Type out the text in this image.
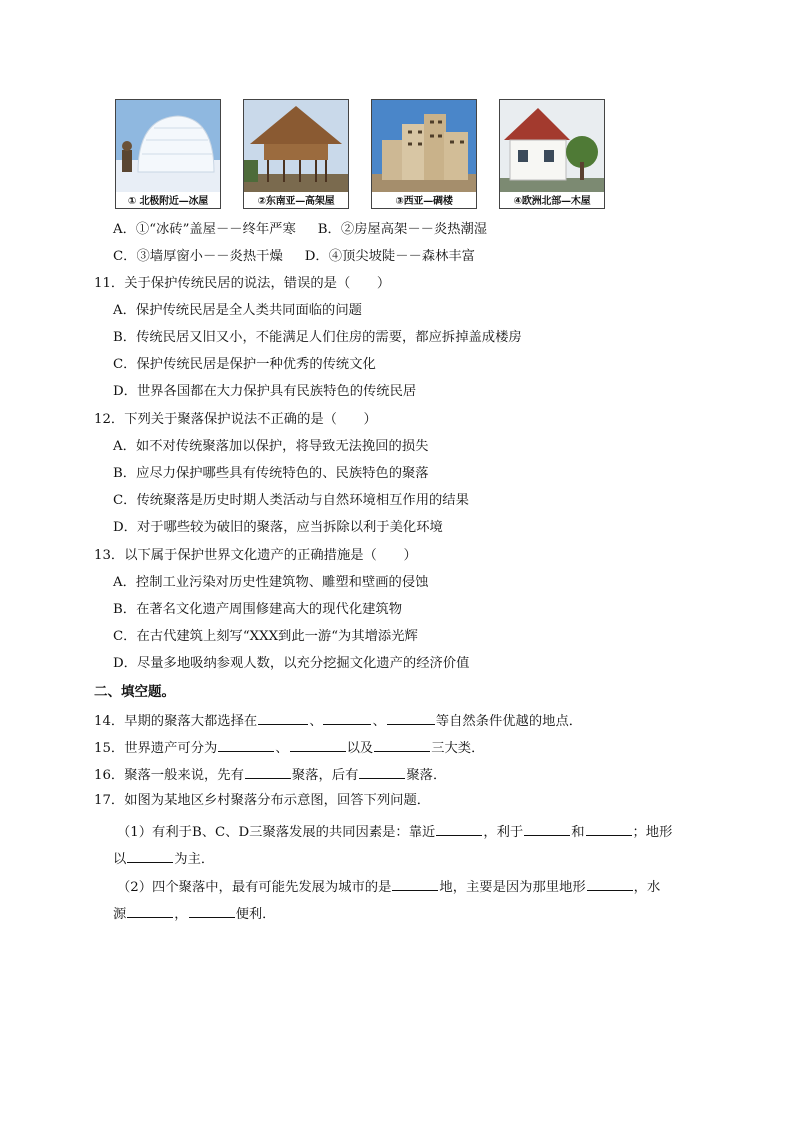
① 北极附近—冰屋	②东南亚—高架屋	③西亚—碉楼	④欧洲北部—木屋
A．①“冰砖”盖屋－－终年严寒 B．②房屋高架－－炎热潮湿
C．③墙厚窗小－－炎热干燥 D．④顶尖坡陡－－森林丰富
11．关于保护传统民居的说法，错误的是（　　）
A．保护传统民居是全人类共同面临的问题
B．传统民居又旧又小，不能满足人们住房的需要，都应拆掉盖成楼房
C．保护传统民居是保护一种优秀的传统文化
D．世界各国都在大力保护具有民族特色的传统民居
12．下列关于聚落保护说法不正确的是（　　）
A．如不对传统聚落加以保护，将导致无法挽回的损失
B．应尽力保护哪些具有传统特色的、民族特色的聚落
C．传统聚落是历史时期人类活动与自然环境相互作用的结果
D．对于哪些较为破旧的聚落，应当拆除以利于美化环境
13．以下属于保护世界文化遗产的正确措施是（　　）
A．控制工业污染对历史性建筑物、雕塑和壁画的侵蚀
B．在著名文化遗产周围修建高大的现代化建筑物
C．在古代建筑上刻写“XXX到此一游“为其增添光辉
D．尽量多地吸纳参观人数，以充分挖掘文化遗产的经济价值
二、填空题。
14．早期的聚落大都选择在	、	、	等自然条件优越的地点．
15．世界遗产可分为	、	以及	三大类．
16．聚落一般来说，先有	聚落，后有	聚落．
17．如图为某地区乡村聚落分布示意图，回答下列问题．
（1）有利于B、C、D三聚落发展的共同因素是：靠近	，利于	和	；地形
以	为主．
（2）四个聚落中，最有可能先发展为城市的是	地，主要是因为那里地形	，水
源	，	便利．
